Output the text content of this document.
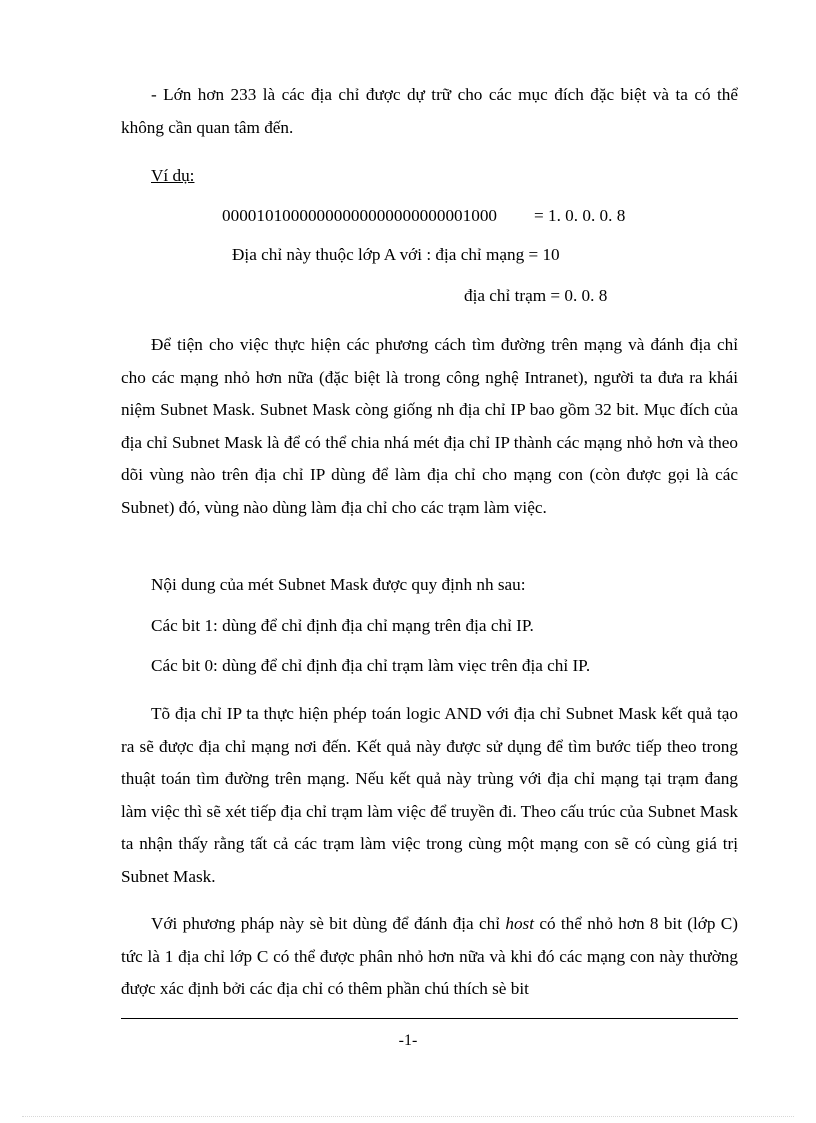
- Lớn hơn 233 là các địa chỉ được dự trữ cho các mục đích đặc biệt và ta có thể không cần quan tâm đến.

Ví dụ:
00001010000000000000000000001000 = 1. 0. 0. 0. 8
Địa chỉ này thuộc lớp A với : địa chỉ mạng = 10
địa chỉ trạm = 0. 0. 8

Để tiện cho việc thực hiện các phương cách tìm đường trên mạng và đánh địa chỉ cho các mạng nhỏ hơn nữa (đặc biệt là trong công nghệ Intranet), người ta đưa ra khái niệm Subnet Mask. Subnet Mask còng giống nh địa chỉ IP bao gồm 32 bit. Mục đích của địa chỉ Subnet Mask là để có thể chia nhá mét địa chỉ IP thành các mạng nhỏ hơn và theo dõi vùng nào trên địa chỉ IP dùng để làm địa chỉ cho mạng con (còn được gọi là các Subnet) đó, vùng nào dùng làm địa chỉ cho các trạm làm việc.

Nội dung của mét Subnet Mask được quy định nh sau:
Các bit 1: dùng để chỉ định địa chỉ mạng trên địa chỉ IP.
Các bit 0: dùng để chỉ định địa chỉ trạm làm viẹc trên địa chỉ IP.

Tõ địa chỉ IP ta thực hiện phép toán logic AND với địa chỉ Subnet Mask kết quả tạo ra sẽ được địa chỉ mạng nơi đến. Kết quả này được sử dụng để tìm bước tiếp theo trong thuật toán tìm đường trên mạng. Nếu kết quả này trùng với địa chỉ mạng tại trạm đang làm việc thì sẽ xét tiếp địa chỉ trạm làm việc để truyền đi. Theo cấu trúc của Subnet Mask ta nhận thấy rằng tất cả các trạm làm việc trong cùng một mạng con sẽ có cùng giá trị Subnet Mask.

Với phương pháp này sè bit dùng để đánh địa chỉ host có thể nhỏ hơn 8 bit (lớp C) tức là 1 địa chỉ lớp C có thể được phân nhỏ hơn nữa và khi đó các mạng con này thường được xác định bởi các địa chỉ có thêm phần chú thích sè bit

-1-
